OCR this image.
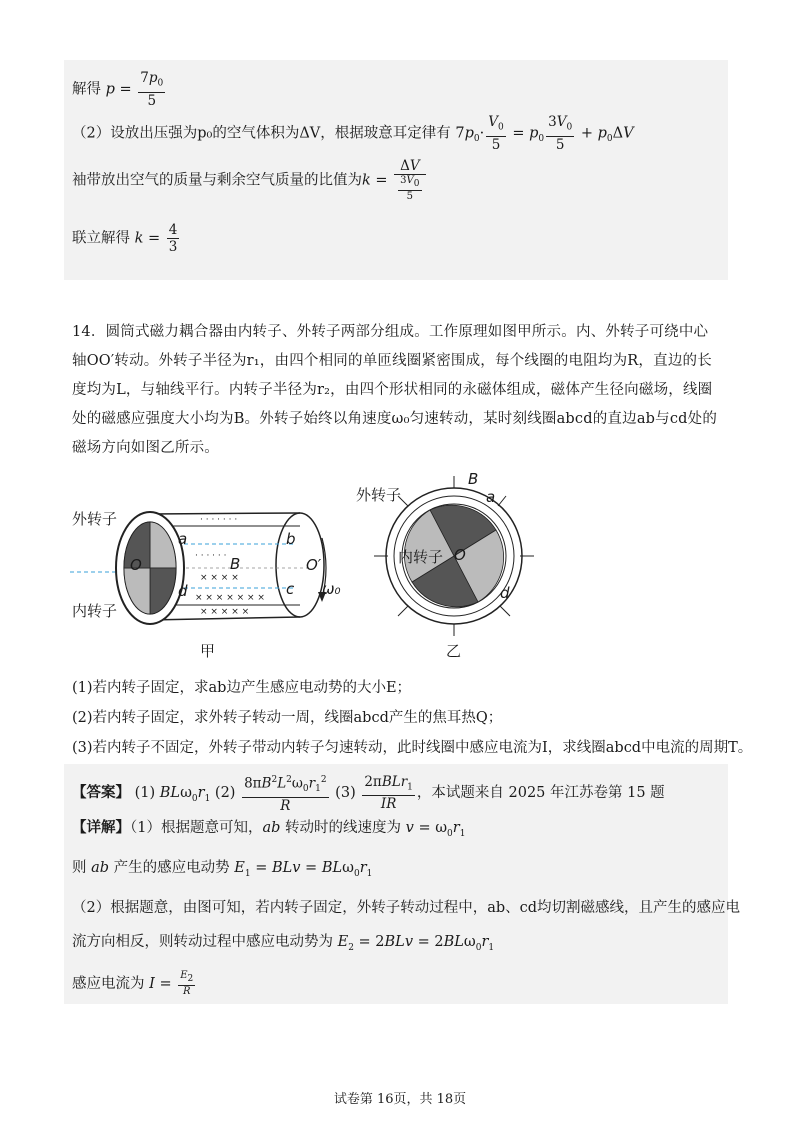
解得 $p = \frac{7p_0}{5}$
（2）设放出压强为p₀的空气体积为ΔV，根据玻意耳定律有 $7p_0\cdot \frac{V_0}{5} = p_0 \frac{3V_0}{5} + p_0\Delta V$
袖带放出空气的质量与剩余空气质量的比值为$k = \frac{\Delta V}{\frac{3V_0}{5}}$
联立解得 $k = \frac{4}{3}$
14．圆筒式磁力耦合器由内转子、外转子两部分组成。工作原理如图甲所示。内、外转子可绕中心轴OO′转动。外转子半径为r₁，由四个相同的单匝线圈紧密围成，每个线圈的电阻均为R，直边的长度均为L，与轴线平行。内转子半径为r₂，由四个形状相同的永磁体组成，磁体产生径向磁场，线圈处的磁感应强度大小均为B。外转子始终以角速度ω₀匀速转动，某时刻线圈abcd的直边ab与cd处的磁场方向如图乙所示。
· · · · · · ·
· · · · · ·
× × × ×
× × × × × × ×
× × × × ×
外转子
内转子
O	O′
a	b
c
d
B
ω₀
甲
外转子
内转子 O
B
a
d
乙
(1)若内转子固定，求ab边产生感应电动势的大小E；
(2)若内转子固定，求外转子转动一周，线圈abcd产生的焦耳热Q；
(3)若内转子不固定，外转子带动内转子匀速转动，此时线圈中感应电流为I，求线圈abcd中电流的周期T。
【答案】 (1) $BL\omega_0r_1$ $(2) \frac{8\pi B^2L^2\omega_0r_1^2}{R} (3) \frac{2\pi BLr_1}{IR}$ ，本试题来自 2025 年江苏卷第 15 题
【详解】（1）根据题意可知，ab 转动时的线速度为 $v = \omega_0r_1$
则 ab 产生的感应电动势 $E_1$ = BLv = $BL\omega_0r_1$
（2）根据题意，由图可知，若内转子固定，外转子转动过程中，ab、cd均切割磁感线，且产生的感应电
流方向相反，则转动过程中感应电动势为 $E_2 = 2BLv = 2BL\omega_0r_1$
感应电流为 $I = \frac{E_2}{R}$
试卷第 16页，共 18页
